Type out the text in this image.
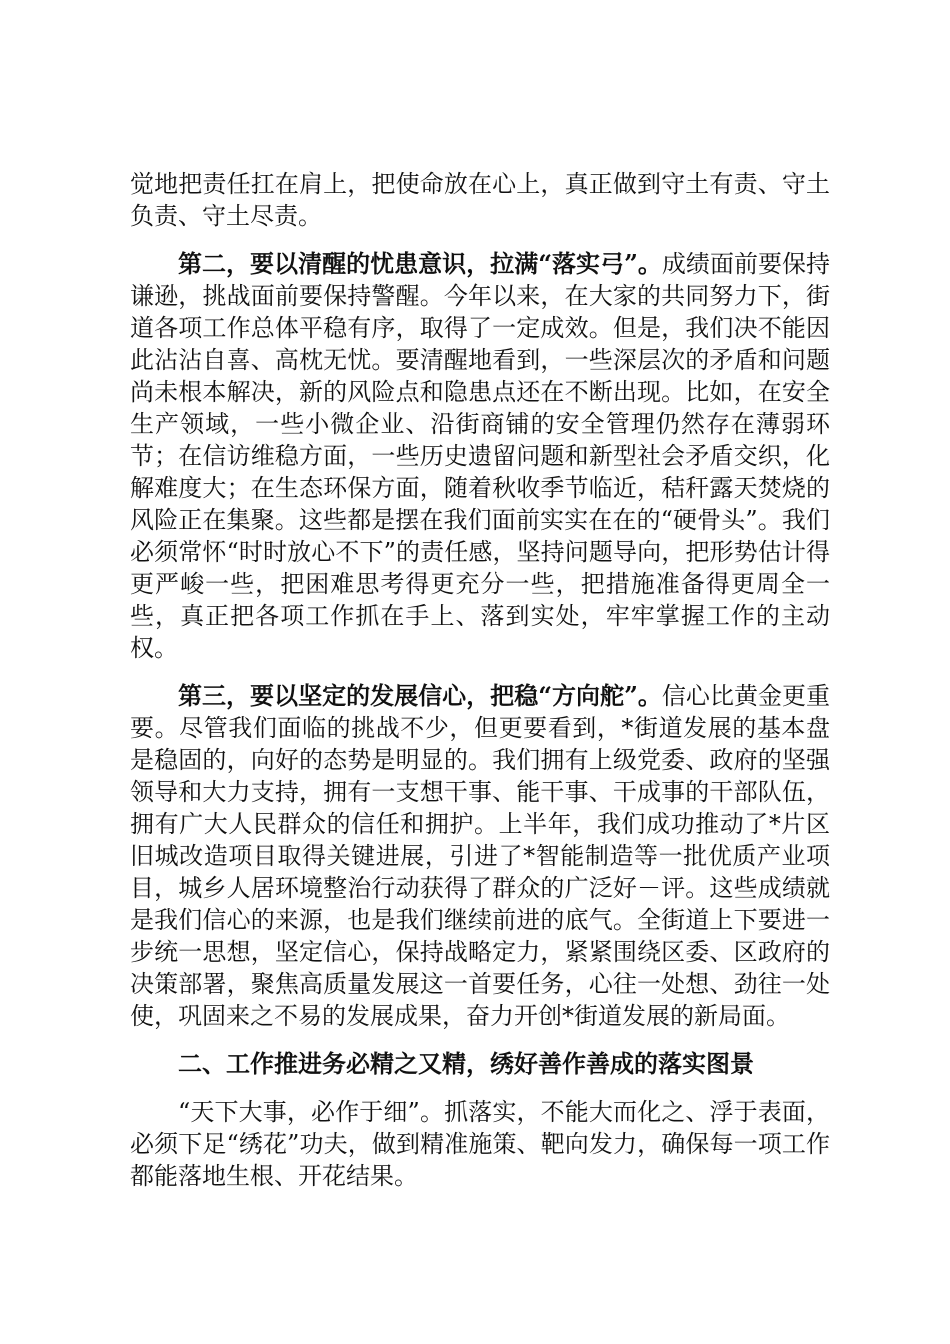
觉地把责任扛在肩上，把使命放在心上，真正做到守土有责、守土负责、守土尽责。

第二，要以清醒的忧患意识，拉满“落实弓”。成绩面前要保持谦逊，挑战面前要保持警醒。今年以来，在大家的共同努力下，街道各项工作总体平稳有序，取得了一定成效。但是，我们决不能因此沾沾自喜、高枕无忧。要清醒地看到，一些深层次的矛盾和问题尚未根本解决，新的风险点和隐患点还在不断出现。比如，在安全生产领域，一些小微企业、沿街商铺的安全管理仍然存在薄弱环节；在信访维稳方面，一些历史遗留问题和新型社会矛盾交织，化解难度大；在生态环保方面，随着秋收季节临近，秸秆露天焚烧的风险正在集聚。这些都是摆在我们面前实实在在的“硬骨头”。我们必须常怀“时时放心不下”的责任感，坚持问题导向，把形势估计得更严峻一些，把困难思考得更充分一些，把措施准备得更周全一些，真正把各项工作抓在手上、落到实处，牢牢掌握工作的主动权。

第三，要以坚定的发展信心，把稳“方向舵”。信心比黄金更重要。尽管我们面临的挑战不少，但更要看到，*街道发展的基本盘是稳固的，向好的态势是明显的。我们拥有上级党委、政府的坚强领导和大力支持，拥有一支想干事、能干事、干成事的干部队伍，拥有广大人民群众的信任和拥护。上半年，我们成功推动了*片区旧城改造项目取得关键进展，引进了*智能制造等一批优质产业项目，城乡人居环境整治行动获得了群众的广泛好－评。这些成绩就是我们信心的来源，也是我们继续前进的底气。全街道上下要进一步统一思想，坚定信心，保持战略定力，紧紧围绕区委、区政府的决策部署，聚焦高质量发展这一首要任务，心往一处想、劲往一处使，巩固来之不易的发展成果，奋力开创*街道发展的新局面。

二、工作推进务必精之又精，绣好善作善成的落实图景

“天下大事，必作于细”。抓落实，不能大而化之、浮于表面，必须下足“绣花”功夫，做到精准施策、靶向发力，确保每一项工作都能落地生根、开花结果。
